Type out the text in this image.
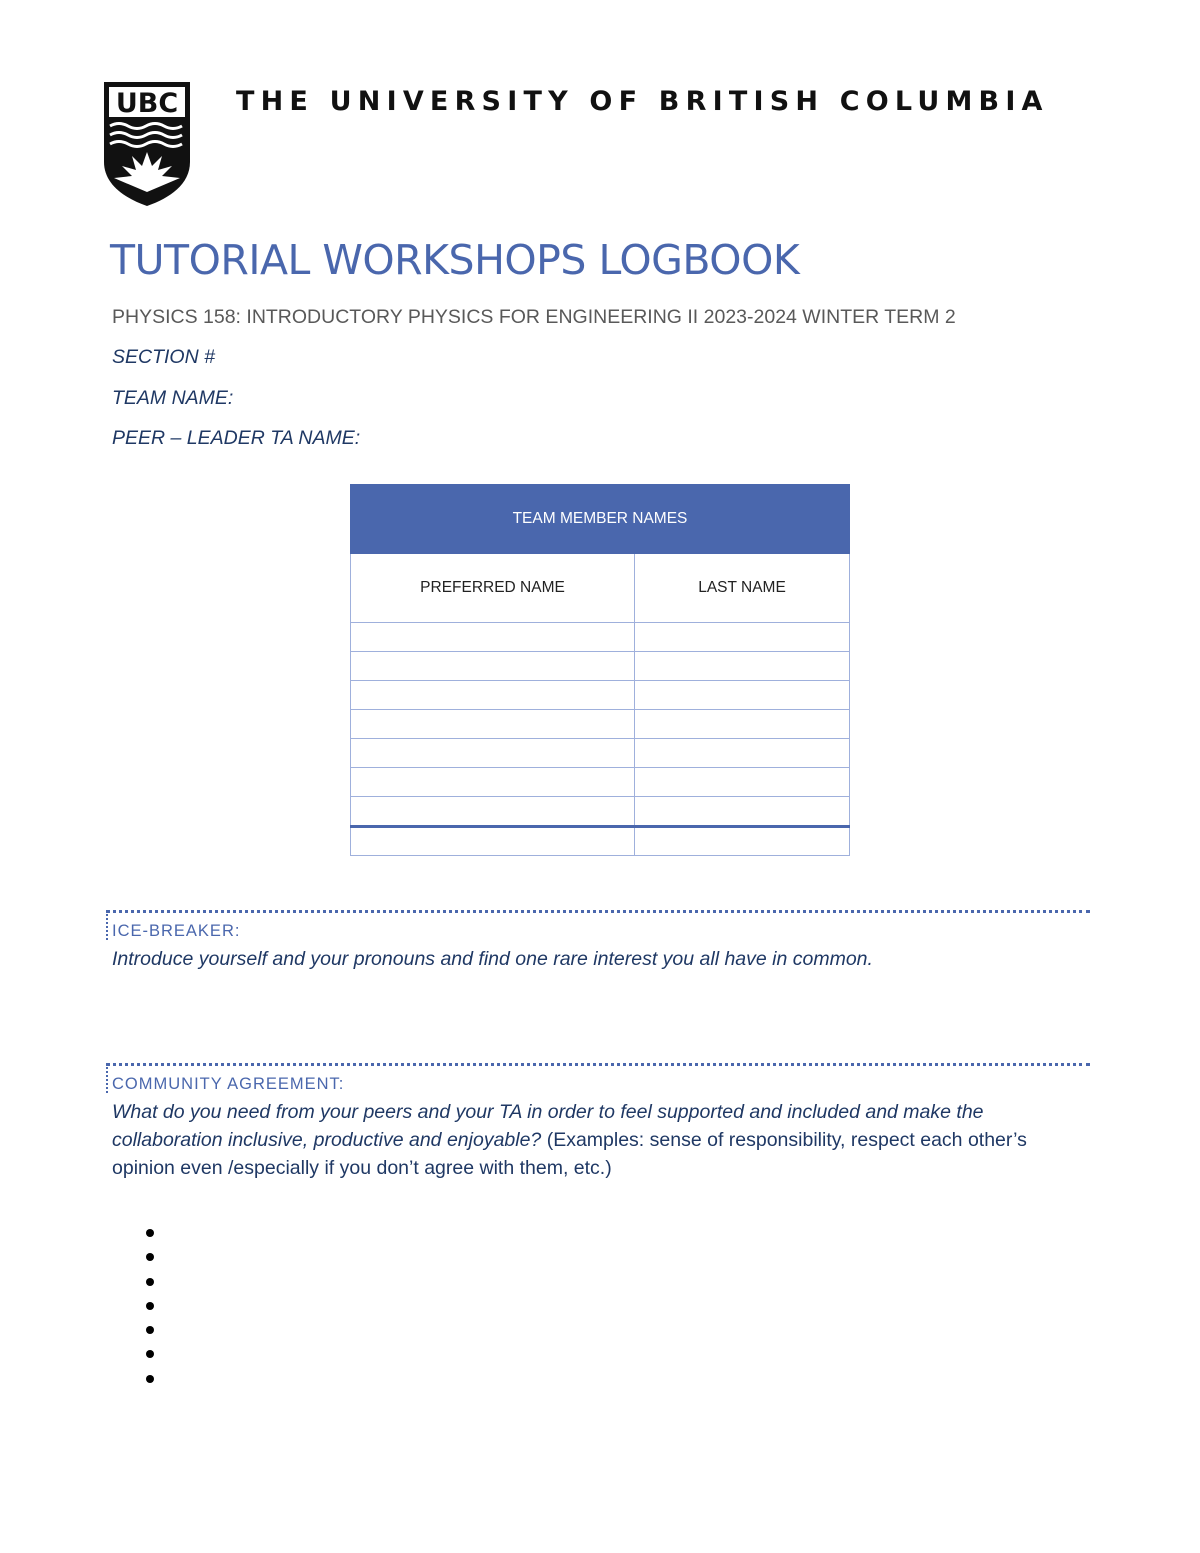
UBC THE UNIVERSITY OF BRITISH COLUMBIA
TUTORIAL WORKSHOPS LOGBOOK
PHYSICS 158: INTRODUCTORY PHYSICS FOR ENGINEERING II 2023-2024 WINTER TERM 2
SECTION #
TEAM NAME:
PEER – LEADER TA NAME:
TEAM MEMBER NAMES	
PREFERRED NAME	LAST NAME

ICE-BREAKER:
Introduce yourself and your pronouns and find one rare interest you all have in common.
COMMUNITY AGREEMENT:
What do you need from your peers and your TA in order to feel supported and included and make the collaboration inclusive, productive and enjoyable? (Examples: sense of responsibility, respect each other’s opinion even /especially if you don’t agree with them, etc.)
